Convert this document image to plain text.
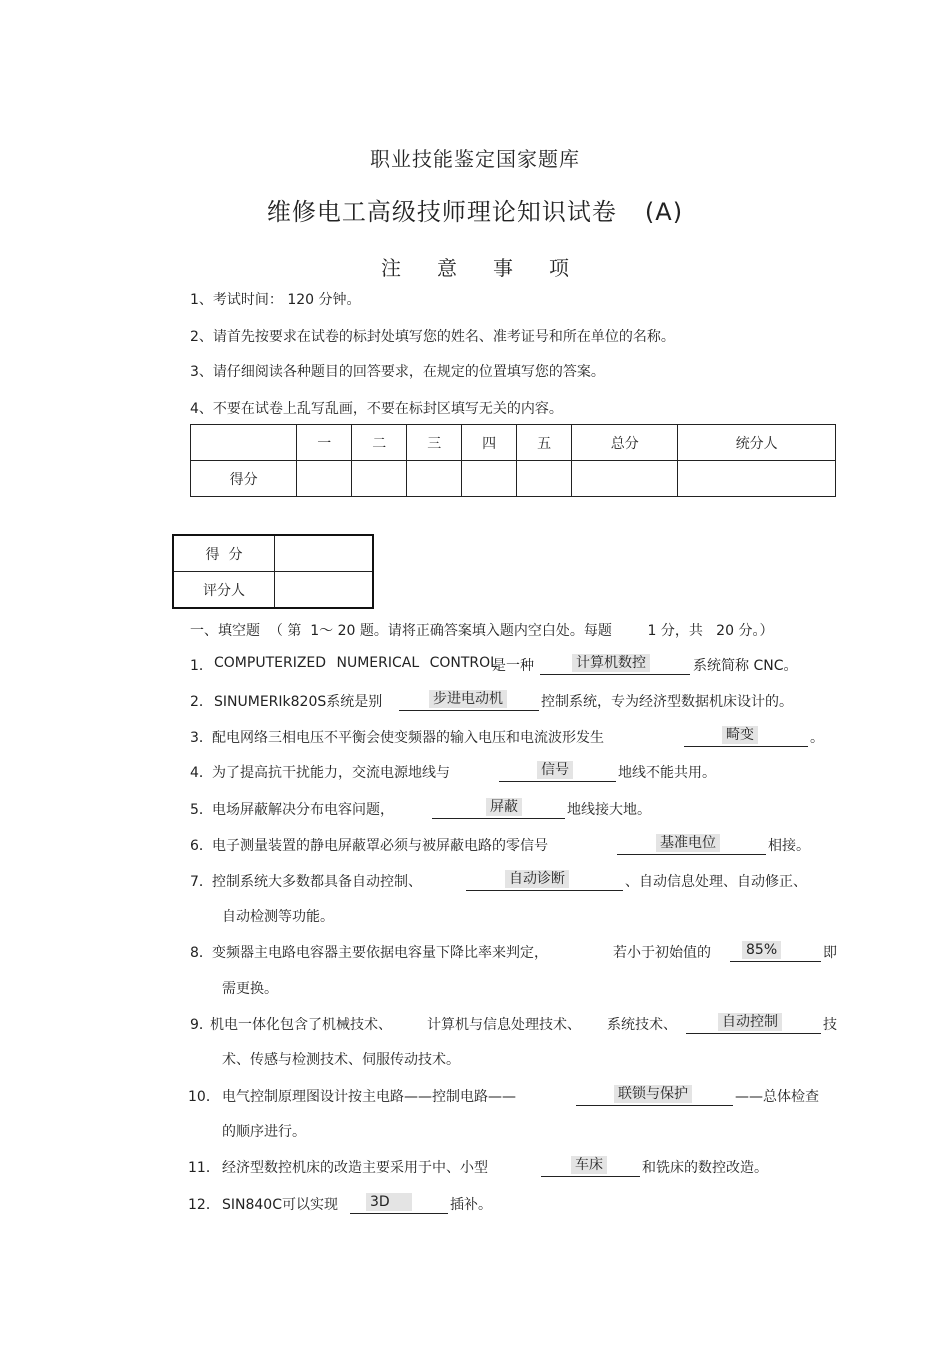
职业技能鉴定国家题库
维修电工高级技师理论知识试卷 (A)
注 意 事 项
1、考试时间： 120 分钟。
2、请首先按要求在试卷的标封处填写您的姓名、准考证号和所在单位的名称。
3、请仔细阅读各种题目的回答要求，在规定的位置填写您的答案。
4、不要在试卷上乱写乱画，不要在标封区填写无关的内容。
	一	二	三	四	五	总分	统分人
得分							
得  分	
评分人	
一、填空题  （ 第  1～ 20 题。请将正确答案填入题内空白处。每题        1 分，共   20 分。）
1． COMPUTERIZED NUMERICAL CONTROL
是一种	计算机数控	系统简称 CNC。
2． SINUMERIk820S系统是别	步进电动机	控制系统，专为经济型数据机床设计的。
3． 配电网络三相电压不平衡会使变频器的输入电压和电流波形发生	畸变	。
4． 为了提高抗干扰能力，交流电源地线与	信号	地线不能共用。
5． 电场屏蔽解决分布电容问题，	屏蔽	地线接大地。
6． 电子测量装置的静电屏蔽罩必须与被屏蔽电路的零信号	基准电位	相接。
7． 控制系统大多数都具备自动控制、	自动诊断	、自动信息处理、自动修正、
自动检测等功能。
8． 变频器主电路电容器主要依据电容量下降比率来判定，	若小于初始值的	85%	即
需更换。
9．
机电一体化包含了机械技术、	计算机与信息处理技术、 系统技术、	自动控制	技
术、传感与检测技术、伺服传动技术。
10． 电气控制原理图设计按主电路——控制电路——	联锁与保护	——总体检查
的顺序进行。
11． 经济型数控机床的改造主要采用于中、小型	车床	和铣床的数控改造。
12． SIN840C可以实现 3D	插补。
